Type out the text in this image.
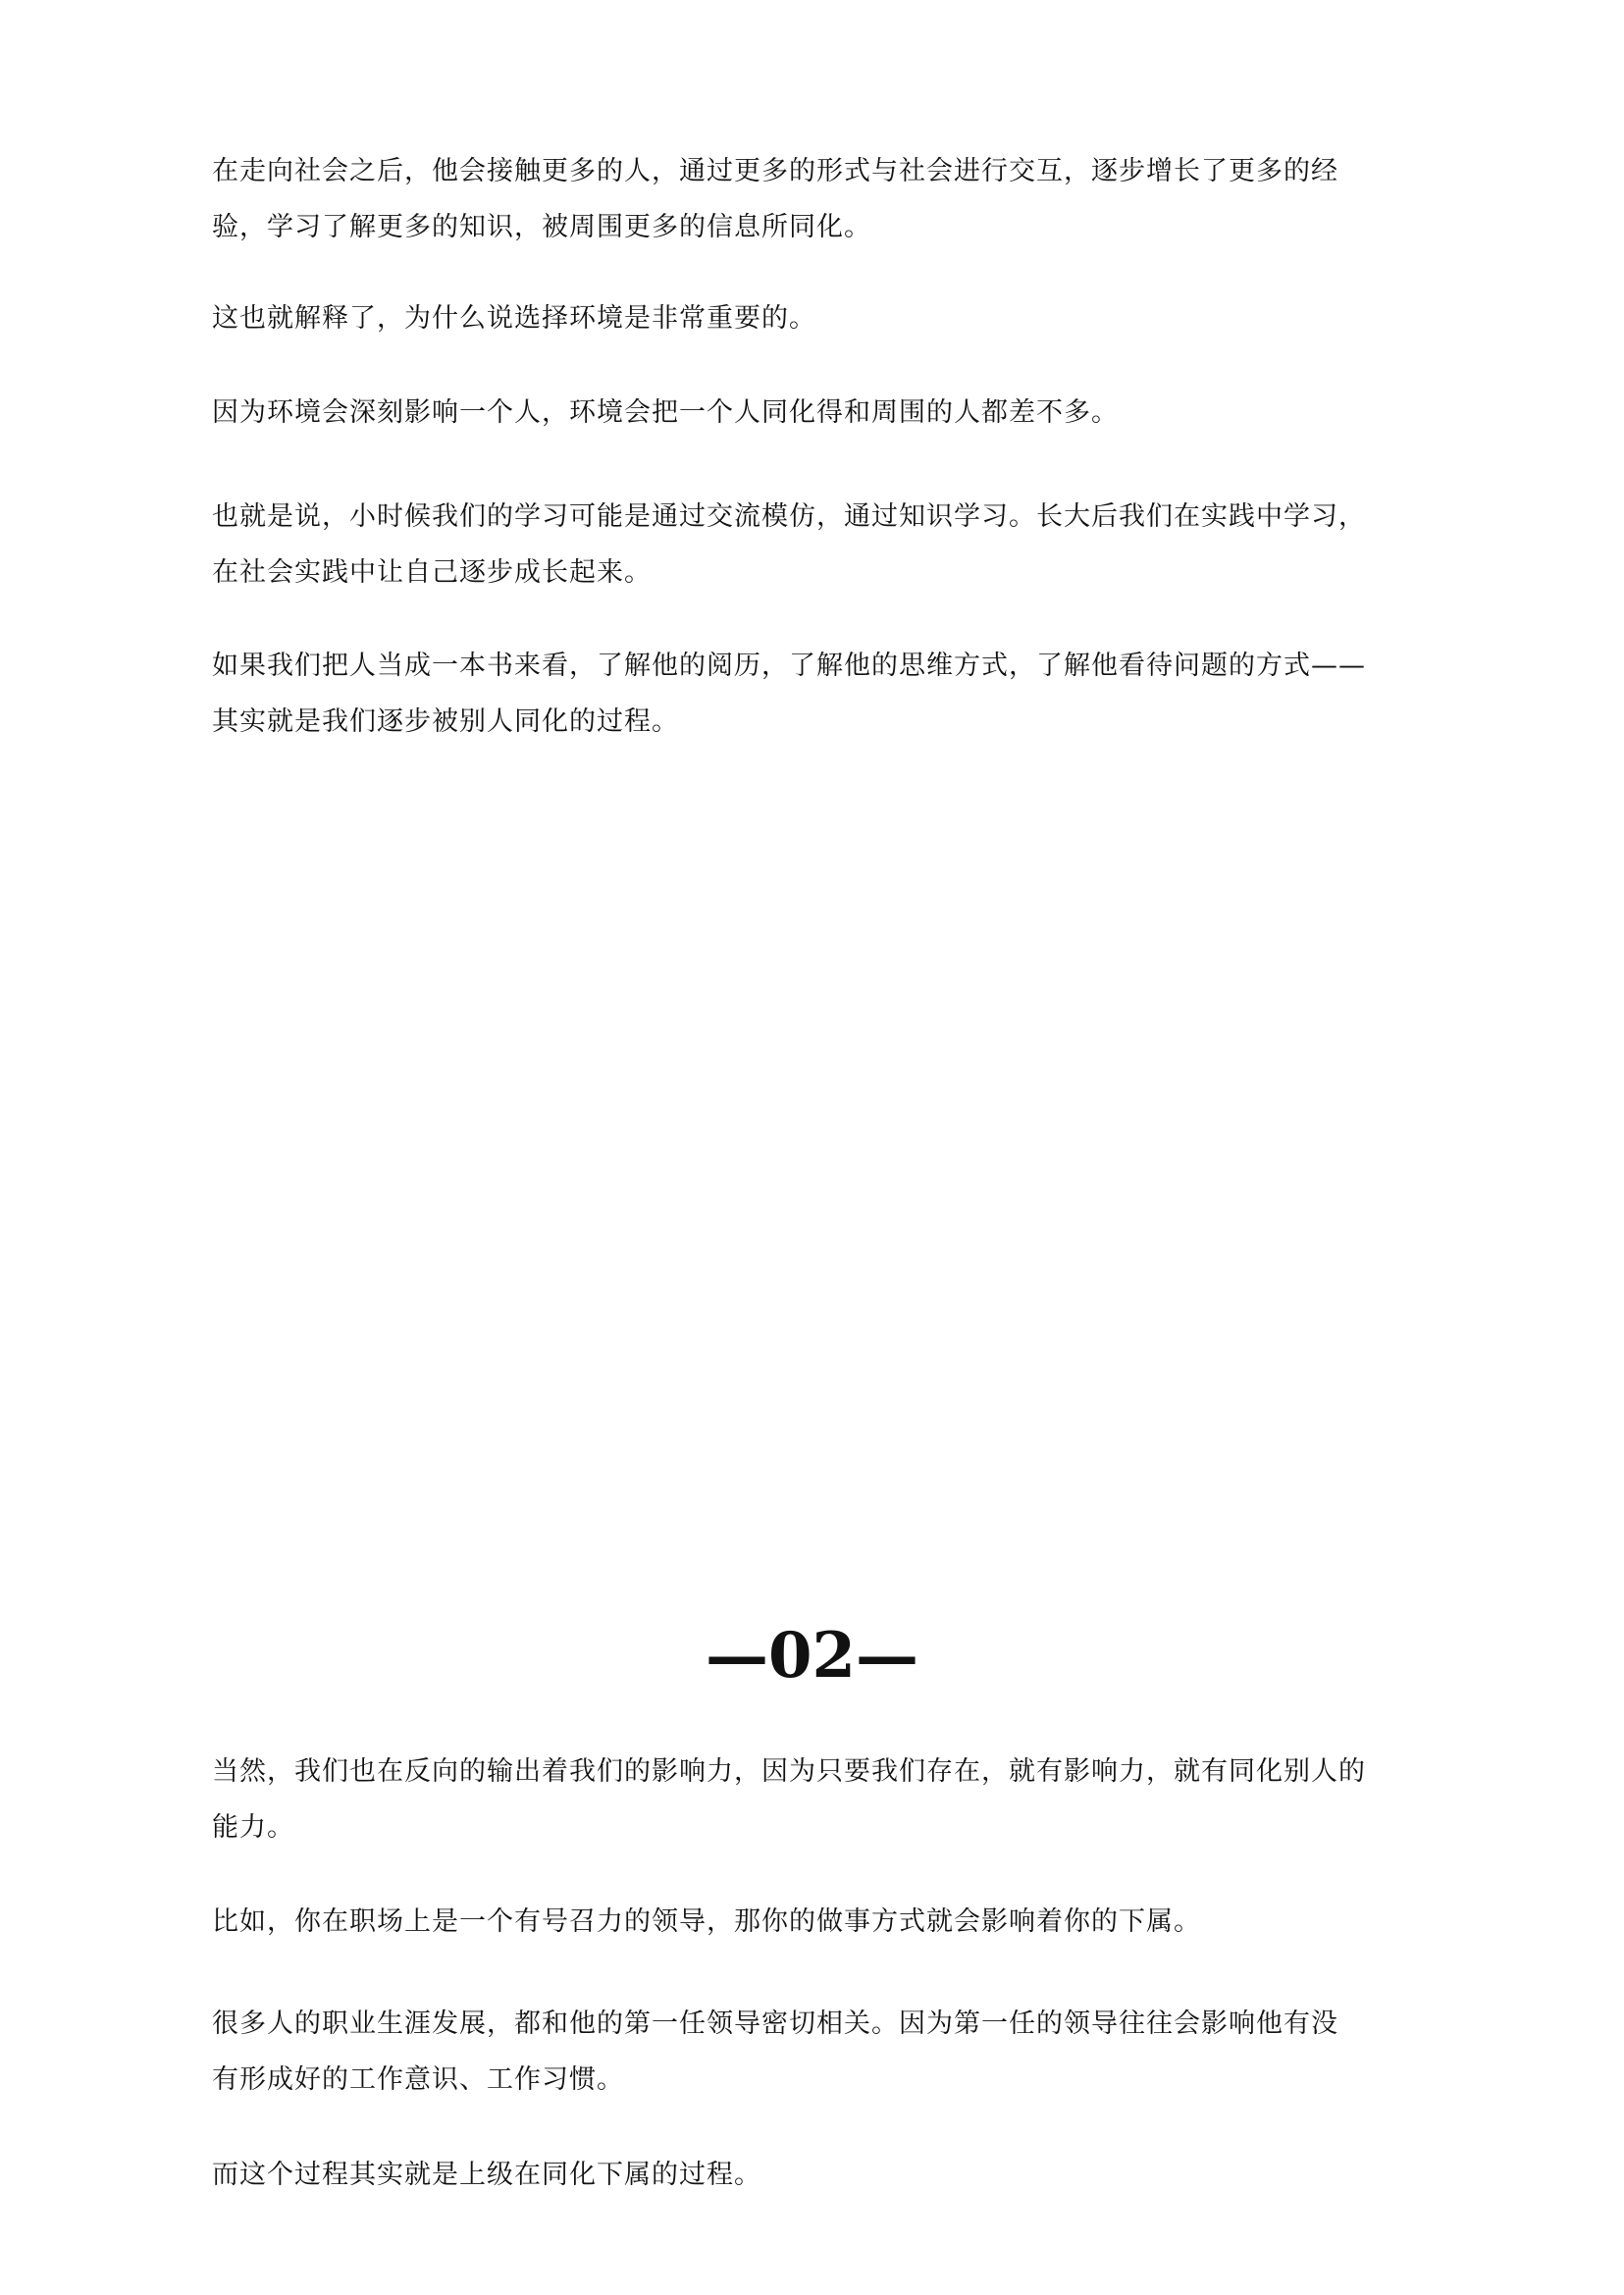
在走向社会之后，他会接触更多的人，通过更多的形式与社会进行交互，逐步增长了更多的经
验，学习了解更多的知识，被周围更多的信息所同化。

这也就解释了，为什么说选择环境是非常重要的。

因为环境会深刻影响一个人，环境会把一个人同化得和周围的人都差不多。

也就是说，小时候我们的学习可能是通过交流模仿，通过知识学习。长大后我们在实践中学习，
在社会实践中让自己逐步成长起来。

如果我们把人当成一本书来看，了解他的阅历，了解他的思维方式，了解他看待问题的方式——
其实就是我们逐步被别人同化的过程。

—02—

当然，我们也在反向的输出着我们的影响力，因为只要我们存在，就有影响力，就有同化别人的
能力。

比如，你在职场上是一个有号召力的领导，那你的做事方式就会影响着你的下属。

很多人的职业生涯发展，都和他的第一任领导密切相关。因为第一任的领导往往会影响他有没
有形成好的工作意识、工作习惯。

而这个过程其实就是上级在同化下属的过程。
